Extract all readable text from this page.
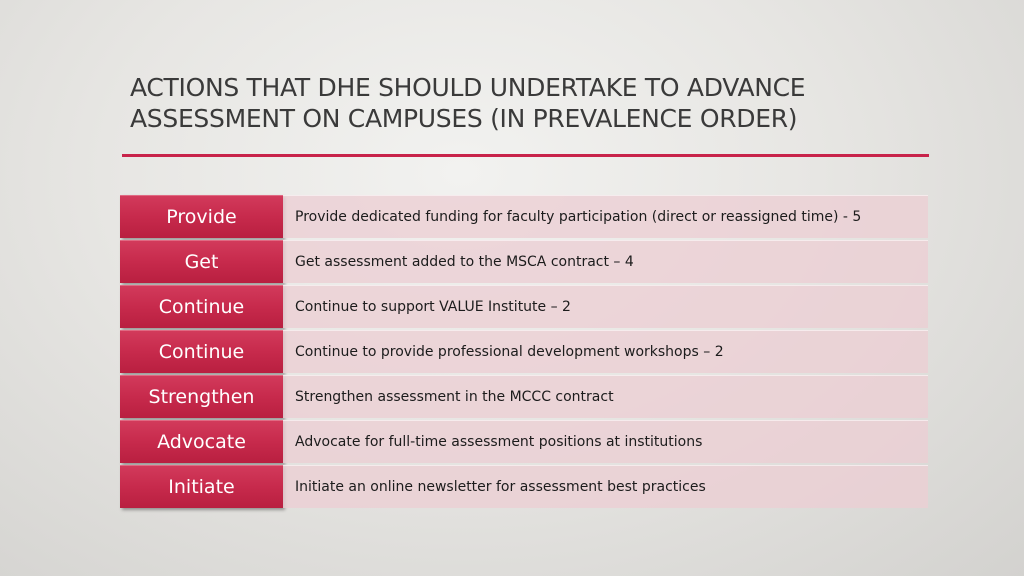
ACTIONS THAT DHE SHOULD UNDERTAKE TO ADVANCE
ASSESSMENT ON CAMPUSES (IN PREVALENCE ORDER)
Provide	Provide dedicated funding for faculty participation (direct or reassigned time) - 5
Get	Get assessment added to the MSCA contract – 4
Continue	Continue to support VALUE Institute – 2
Continue	Continue to provide professional development workshops – 2
Strengthen	Strengthen assessment in the MCCC contract
Advocate	Advocate for full-time assessment positions at institutions
Initiate	Initiate an online newsletter for assessment best practices
